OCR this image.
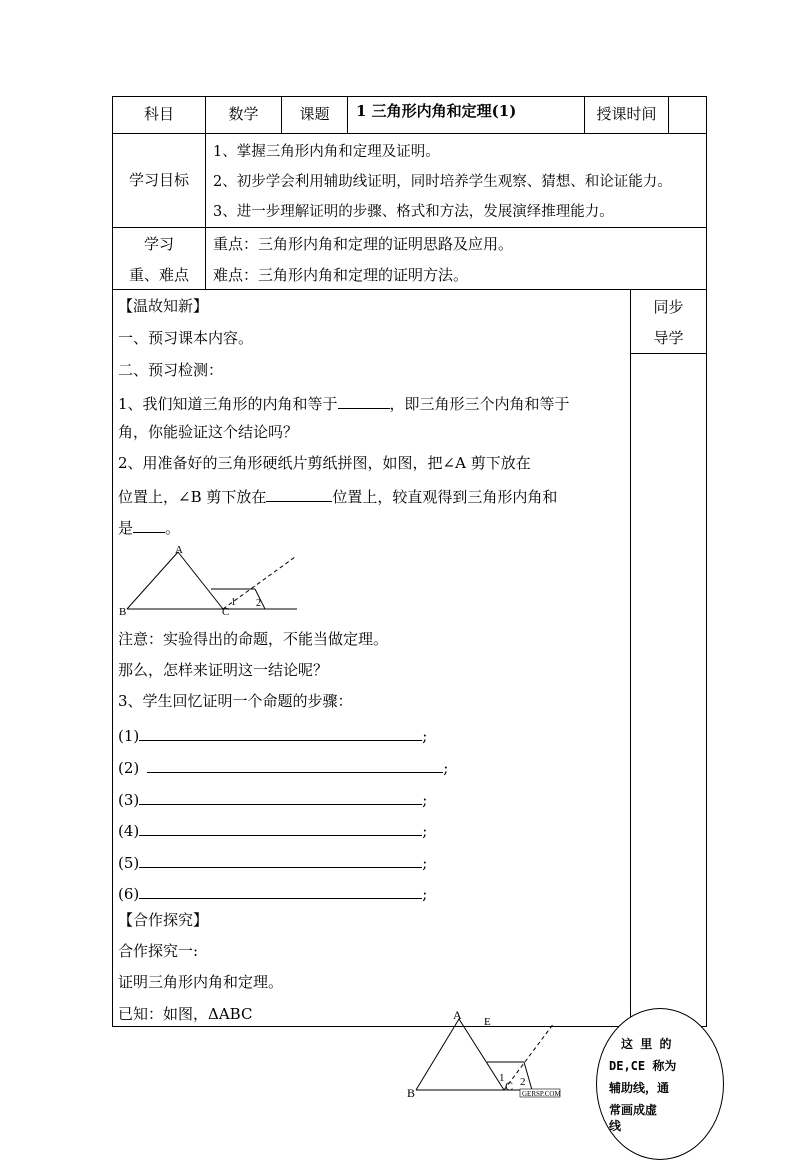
科目	数学	课题	1 三角形内角和定理(1)	授课时间
学习目标
1、掌握三角形内角和定理及证明。
2、初步学会利用辅助线证明，同时培养学生观察、猜想、和论证能力。
3、进一步理解证明的步骤、格式和方法，发展演绎推理能力。
学习
重、难点
重点：三角形内角和定理的证明思路及应用。
难点：三角形内角和定理的证明方法。
同步
导学
【温故知新】
一、预习课本内容。
二、预习检测：
1、我们知道三角形的内角和等于	，即三角形三个内角和等于
角，你能验证这个结论吗？
2、用准备好的三角形硬纸片剪纸拼图，如图，把∠A 剪下放在
位置上，∠B 剪下放在	位置上，较直观得到三角形内角和
是 。
A
B	C
1 2
注意：实验得出的命题，不能当做定理。
那么，怎样来证明这一结论呢？
3、学生回忆证明一个命题的步骤：
(1)	;
(2)	;
(3)	;
(4)	;
(5)	;
(6)	;
【合作探究】
合作探究一:
证明三角形内角和定理。
已知：如图，ΔABC	A E
B	C
1 2
GERSP.COM
这 里 的
DE,CE 称为
辅助线，通
常画成虚
线
